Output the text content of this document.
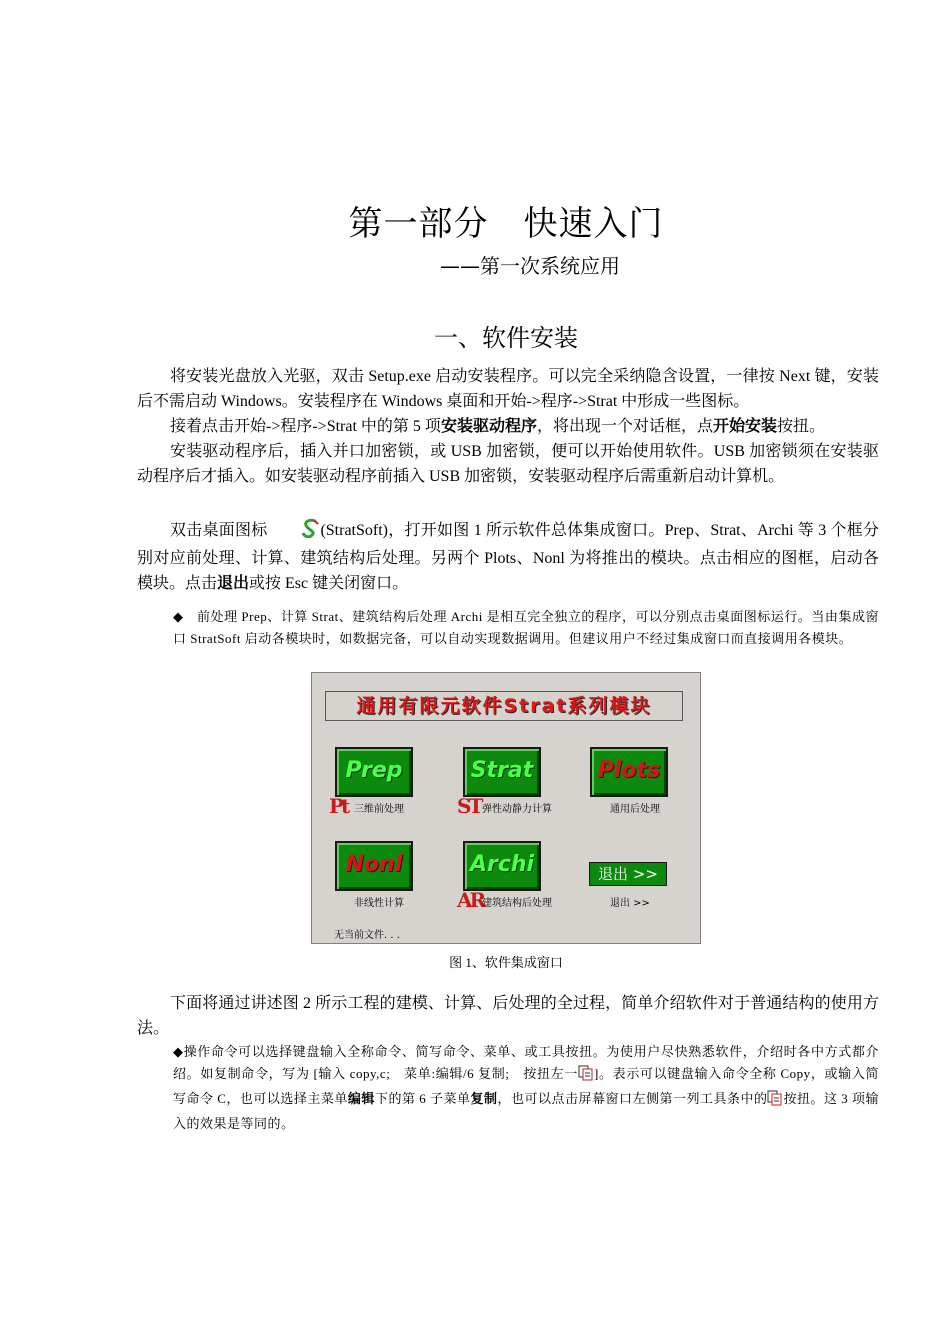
第一部分　快速入门
——第一次系统应用
一、软件安装

将安装光盘放入光驱，双击 Setup.exe 启动安装程序。可以完全采纳隐含设置，一律按 Next 键，安装后不需启动 Windows。安装程序在 Windows 桌面和开始->程序->Strat 中形成一些图标。

接着点击开始->程序->Strat 中的第 5 项安装驱动程序，将出现一个对话框，点开始安装按扭。

安装驱动程序后，插入并口加密锁，或 USB 加密锁，便可以开始使用软件。USB 加密锁须在安装驱动程序后才插入。如安装驱动程序前插入 USB 加密锁，安装驱动程序后需重新启动计算机。

双击桌面图标	(StratSoft)，打开如图 1 所示软件总体集成窗口。Prep、Strat、Archi 等 3 个框分别对应前处理、计算、建筑结构后处理。另两个 Plots、Nonl 为将推出的模块。点击相应的图框，启动各模块。点击退出或按 Esc 键关闭窗口。

◆　前处理 Prep、计算 Strat、建筑结构后处理 Archi 是相互完全独立的程序，可以分别点击桌面图标运行。当由集成窗口 StratSoft 启动各模块时，如数据完备，可以自动实现数据调用。但建议用户不经过集成窗口而直接调用各模块。

通用有限元软件Strat系列模块
Prep
Pt 三维前处理
Strat
ST 弹性动静力计算
Plots
通用后处理
Nonl
非线性计算
Archi
AR
建筑结构后处理
退出 >>
退出 >>
无当前文件. . .
图 1、软件集成窗口

下面将通过讲述图 2 所示工程的建模、计算、后处理的全过程，简单介绍软件对于普通结构的使用方法。

◆操作命令可以选择键盘输入全称命令、简写命令、菜单、或工具按扭。为使用户尽快熟悉软件，介绍时各中方式都介绍。如复制命令，写为 [输入 copy,c;　菜单:编辑/6 复制;　按扭左一 ]。表示可以键盘输入命令全称 Copy，或输入简写命令 C，也可以选择主菜单编辑下的第 6 子菜单复制，也可以点击屏幕窗口左侧第一列工具条中的 按扭。这 3 项输入的效果是等同的。
